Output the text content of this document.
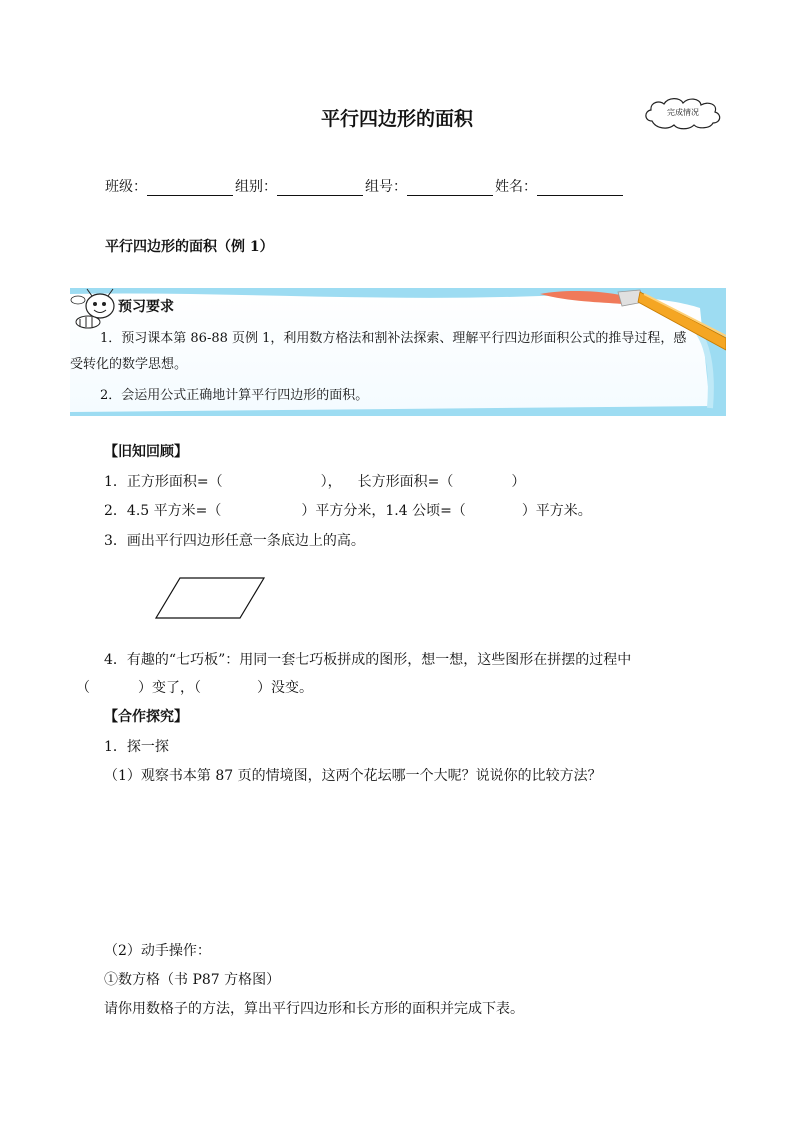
平行四边形的面积	完成情况
班级：	组别：	组号：	姓名：
平行四边形的面积（例 1）
预习要求
1．预习课本第 86-88 页例 1，利用数方格法和割补法探索、理解平行四边形面积公式的推导过程，感
受转化的数学思想。
2．会运用公式正确地计算平行四边形的面积。
【旧知回顾】
1．正方形面积=（	）， 长方形面积=（	）
2．4.5 平方米=（	）平方分米，1.4 公顷=（	）平方米。
3．画出平行四边形任意一条底边上的高。
4．有趣的“七巧板”：用同一套七巧板拼成的图形，想一想，这些图形在拼摆的过程中
（	）变了，（	）没变。
【合作探究】
1．探一探
（1）观察书本第 87 页的情境图，这两个花坛哪一个大呢？说说你的比较方法？
（2）动手操作：
①数方格（书 P87 方格图）
请你用数格子的方法，算出平行四边形和长方形的面积并完成下表。
